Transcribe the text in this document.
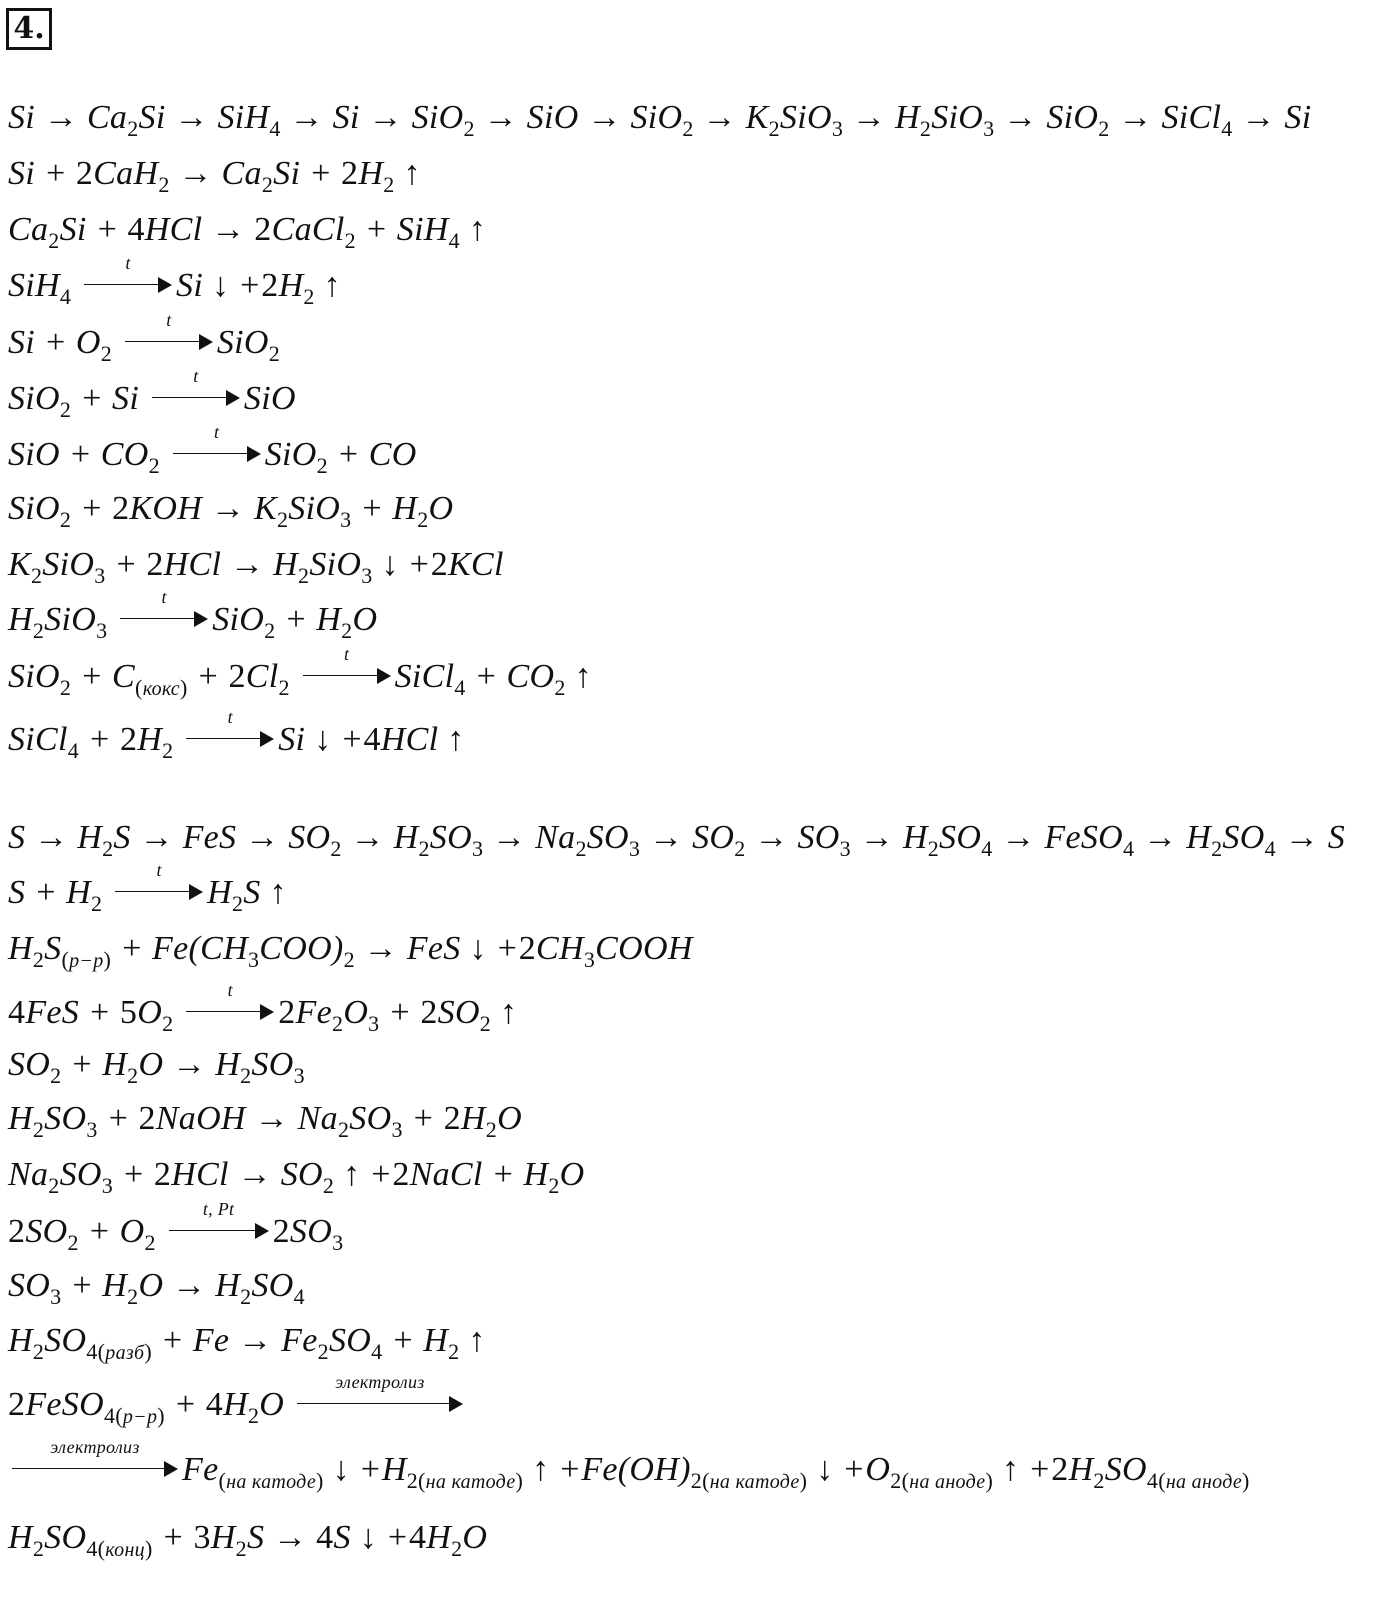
4.
$Si \to Ca_2Si \to SiH_4 \to Si \to SiO_2$ → SiO → $SiO_2 \to K_2SiO_3 \to H_2SiO_3 \to SiO_2$ → SiCl$_4$ → Si
$Si + 2CaH_2 \to Ca_2Si + 2H_2$ ↑
$Ca_2Si + 4HCl$ → 2CaCl$_2$ + SiH$_4$ ↑
SiH$_4$
t
Si ↓ $+2H_2$ ↑
$Si + O_2$
t
SiO$_2$
SiO$_2$ + Si
t
SiO
SiO + $CO_2$
t
SiO$_2$ + CO
$SiO_2 + 2KOH \to K_2SiO_3 + H_2O$
$K_2SiO_3 + 2HCl \to H_2SiO_3$ ↓ +2KCl
$H_2SiO_3$
t
$SiO_2 + H_2O$
$SiO_2 + C_{(кокс)} + 2Cl_2$
t
SiCl$_4$ + $CO_2$ ↑
SiCl$_4$ + $2H_2$
t
Si ↓ +4HCl ↑
$S \to H_2S$ → FeS → $SO_2 \to H_2SO_3 \to Na_2SO_3 \to SO_2 \to SO_3 \to H_2SO_4$ → FeSO$_4$ → $H_2SO_4 \to S$
$S + H_2$
t
$H_2S$ ↑
$H_2S_{(р-р)} + Fe(CH_3COO)_2$ → FeS ↓ $+2CH_3COOH$
$4FeS + 5O_2$
t
$2Fe_2O_3 + 2SO_2$ ↑
$SO_2 + H_2O \to H_2SO_3$
$H_2SO_3$ + 2NaOH → $Na_2SO_3 + 2H_2O$
$Na_2SO_3 + 2HCl \to SO_2$ ↑ +2NaCl + $H_2O$
$2SO_2 + O_2$
t, Pt
$2SO_3$
$SO_3 + H_2O \to H_2SO_4$
$H_2SO_{4(разб)} + Fe \to Fe_2SO_4 + H_2$ ↑
2FeSO$_{4(р-р)}$ + $4H_2O$
электролиз
электролиз
$Fe_{(на катоде)}$ ↓ $+H_{2(на катоде)}$ ↑ $+Fe(OH)_{2(на катоде)}$ ↓ $+O_{2(на аноде)}$ ↑ $+2H_2SO_{4(на аноде)}$
$H_2SO_{4(конц)} + 3H_2S \to 4S$ ↓ $+4H_2O$
